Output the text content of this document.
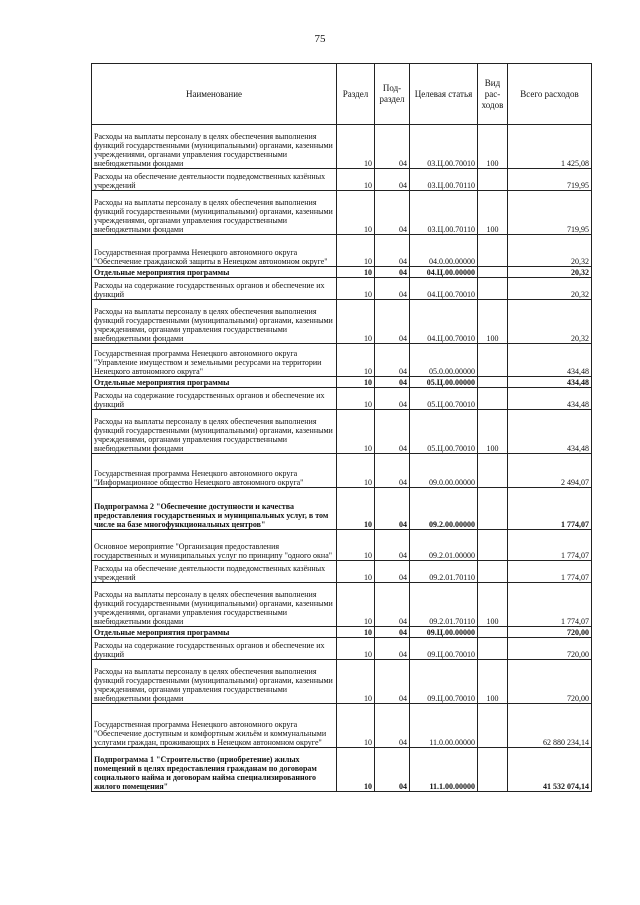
75
Наименование	Раздел	Под-раздел	Целевая статья	Вид рас-ходов	Всего расходов
Расходы на выплаты персоналу в целях обеспечения выполнения функций государственными (муниципальными) органами, казенными учреждениями, органами управления государственными внебюджетными фондами	10	04	03.Ц.00.70010	100	1 425,08
Расходы на обеспечение деятельности подведомственных казённых учреждений	10	04	03.Ц.00.70110		719,95
Расходы на выплаты персоналу в целях обеспечения выполнения функций государственными (муниципальными) органами, казенными учреждениями, органами управления государственными внебюджетными фондами	10	04	03.Ц.00.70110	100	719,95
Государственная программа Ненецкого автономного округа "Обеспечение гражданской защиты в Ненецком автономном округе"	10	04	04.0.00.00000		20,32
Отдельные мероприятия программы	10	04	04.Ц.00.00000		20,32
Расходы на содержание государственных органов и обеспечение их функций	10	04	04.Ц.00.70010		20,32
Расходы на выплаты персоналу в целях обеспечения выполнения функций государственными (муниципальными) органами, казенными учреждениями, органами управления государственными внебюджетными фондами	10	04	04.Ц.00.70010	100	20,32
Государственная программа Ненецкого автономного округа "Управление имуществом и земельными ресурсами на территории Ненецкого автономного округа"	10	04	05.0.00.00000		434,48
Отдельные мероприятия программы	10	04	05.Ц.00.00000		434,48
Расходы на содержание государственных органов и обеспечение их функций	10	04	05.Ц.00.70010		434,48
Расходы на выплаты персоналу в целях обеспечения выполнения функций государственными (муниципальными) органами, казенными учреждениями, органами управления государственными внебюджетными фондами	10	04	05.Ц.00.70010	100	434,48
Государственная программа Ненецкого автономного округа "Информационное общество Ненецкого автономного округа"	10	04	09.0.00.00000		2 494,07
Подпрограмма 2 "Обеспечение доступности и качества предоставления государственных и муниципальных услуг, в том числе на базе многофункциональных центров"	10	04	09.2.00.00000		1 774,07
Основное мероприятие "Организация предоставления государственных и муниципальных услуг по принципу "одного окна"	10	04	09.2.01.00000		1 774,07
Расходы на обеспечение деятельности подведомственных казённых учреждений	10	04	09.2.01.70110		1 774,07
Расходы на выплаты персоналу в целях обеспечения выполнения функций государственными (муниципальными) органами, казенными учреждениями, органами управления государственными внебюджетными фондами	10	04	09.2.01.70110	100	1 774,07
Отдельные мероприятия программы	10	04	09.Ц.00.00000		720,00
Расходы на содержание государственных органов и обеспечение их функций	10	04	09.Ц.00.70010		720,00
Расходы на выплаты персоналу в целях обеспечения выполнения функций государственными (муниципальными) органами, казенными учреждениями, органами управления государственными внебюджетными фондами	10	04	09.Ц.00.70010	100	720,00
Государственная программа Ненецкого автономного округа "Обеспечение доступным и комфортным жильём и коммунальными услугами граждан, проживающих в Ненецком автономном округе"	10	04	11.0.00.00000		62 880 234,14
Подпрограмма 1 "Строительство (приобретение) жилых помещений в целях предоставления гражданам по договорам социального найма и договорам найма специализированного жилого помещения"	10	04	11.1.00.00000		41 532 074,14
